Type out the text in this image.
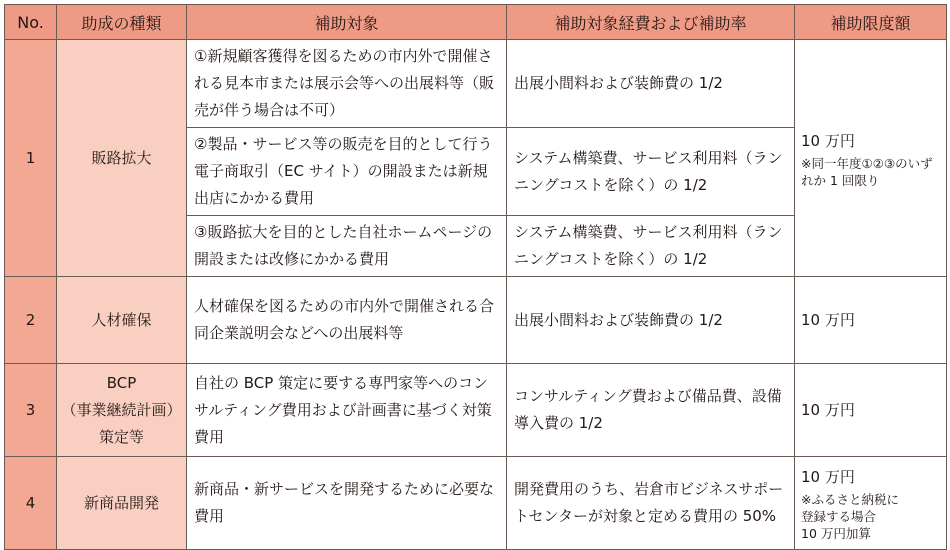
No.	助成の種類	補助対象	補助対象経費および補助率	補助限度額
1	販路拡大	①新規顧客獲得を図るための市内外で開催される見本市または展示会等への出展料等（販売が伴う場合は不可）	出展小間料および装飾費の 1/2	10 万円
※同一年度①②③のいずれか 1 回限り

		②製品・サービス等の販売を目的として行う電子商取引（EC サイト）の開設または新規出店にかかる費用	システム構築費、サービス利用料（ランニングコストを除く）の 1/2	
		③販路拡大を目的とした自社ホームページの開設または改修にかかる費用	システム構築費、サービス利用料（ランニングコストを除く）の 1/2	
2	人材確保	人材確保を図るための市内外で開催される合同企業説明会などへの出展料等	出展小間料および装飾費の 1/2	10 万円
3	BCP
（事業継続計画）
策定等	自社の BCP 策定に要する専門家等へのコンサルティング費用および計画書に基づく対策費用	コンサルティング費および備品費、設備導入費の 1/2	10 万円
4	新商品開発	新商品・新サービスを開発するために必要な費用	開発費用のうち、岩倉市ビジネスサポートセンターが対象と定める費用の 50%	10 万円
※ふるさと納税に
登録する場合
10 万円加算
